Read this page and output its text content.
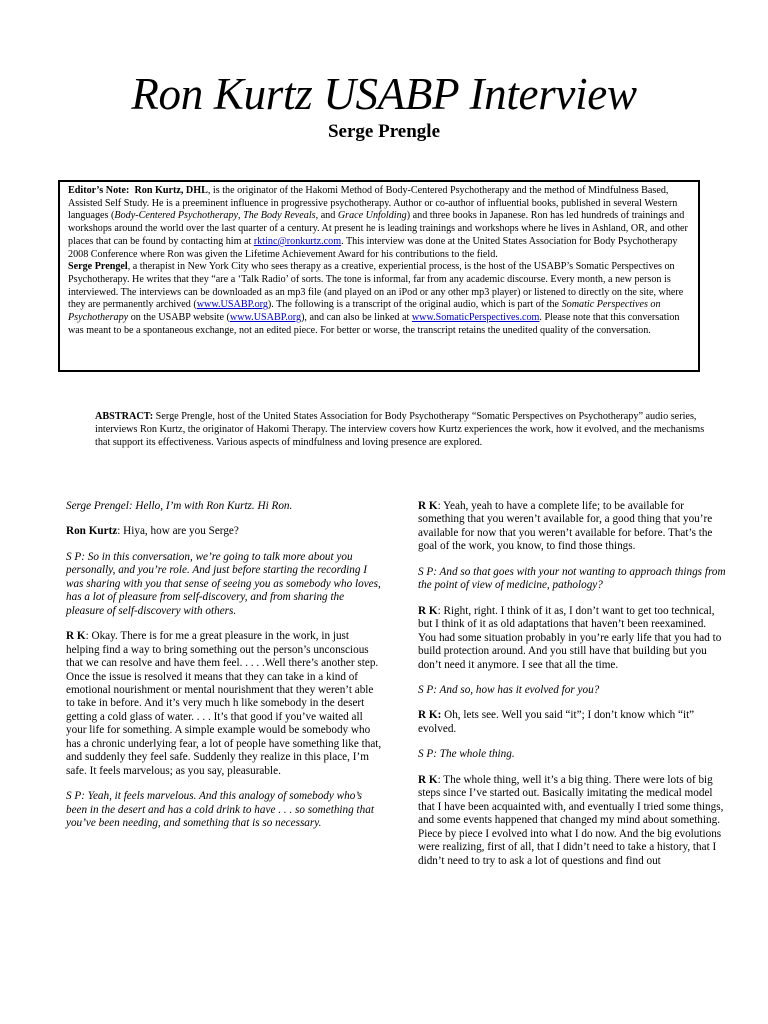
Ron Kurtz USABP Interview
Serge Prengle

Editor’s Note: Ron Kurtz, DHL, is the originator of the Hakomi Method of Body-Centered Psychotherapy and the method of Mindfulness Based, Assisted Self Study. He is a preeminent influence in progressive psychotherapy. Author or co-author of influential books, published in several Western languages (Body-Centered Psychotherapy, The Body Reveals, and Grace Unfolding) and three books in Japanese. Ron has led hundreds of trainings and workshops around the world over the last quarter of a century. At present he is leading trainings and workshops where he lives in Ashland, OR, and other places that can be found by contacting him at rktinc@ronkurtz.com. This interview was done at the United States Association for Body Psychotherapy 2008 Conference where Ron was given the Lifetime Achievement Award for his contributions to the field.

Serge Prengel, a therapist in New York City who sees therapy as a creative, experiential process, is the host of the USABP’s Somatic Perspectives on Psychotherapy. He writes that they “are a ‘Talk Radio’ of sorts. The tone is informal, far from any academic discourse. Every month, a new person is interviewed. The interviews can be downloaded as an mp3 file (and played on an iPod or any other mp3 player) or listened to directly on the site, where they are permanently archived (www.USABP.org). The following is a transcript of the original audio, which is part of the Somatic Perspectives on Psychotherapy on the USABP website (www.USABP.org), and can also be linked at www.SomaticPerspectives.com. Please note that this conversation was meant to be a spontaneous exchange, not an edited piece. For better or worse, the transcript retains the unedited quality of the conversation.

ABSTRACT: Serge Prengle, host of the United States Association for Body Psychotherapy “Somatic Perspectives on Psychotherapy” audio series, interviews Ron Kurtz, the originator of Hakomi Therapy. The interview covers how Kurtz experiences the work, how it evolved, and the mechanisms that support its effectiveness. Various aspects of mindfulness and loving presence are explored.

Serge Prengel: Hello, I’m with Ron Kurtz. Hi Ron.

Ron Kurtz: Hiya, how are you Serge?

S P: So in this conversation, we’re going to talk more about you personally, and you’re role. And just before starting the recording I was sharing with you that sense of seeing you as somebody who loves, has a lot of pleasure from self-discovery, and from sharing the pleasure of self-discovery with others.

R K: Okay. There is for me a great pleasure in the work, in just helping find a way to bring something out the person’s unconscious that we can resolve and have them feel. . . . .Well there’s another step. Once the issue is resolved it means that they can take in a kind of emotional nourishment or mental nourishment that they weren’t able to take in before. And it’s very much h like somebody in the desert getting a cold glass of water. . . . It’s that good if you’ve waited all your life for something. A simple example would be somebody who has a chronic underlying fear, a lot of people have something like that, and suddenly they feel safe. Suddenly they realize in this place, I’m safe. It feels marvelous; as you say, pleasurable.

S P: Yeah, it feels marvelous. And this analogy of somebody who’s been in the desert and has a cold drink to have . . . so something that you’ve been needing, and something that is so necessary.

R K: Yeah, yeah to have a complete life; to be available for something that you weren’t available for, a good thing that you’re available for now that you weren’t available for before. That’s the goal of the work, you know, to find those things.

S P: And so that goes with your not wanting to approach things from the point of view of medicine, pathology?

R K: Right, right. I think of it as, I don’t want to get too technical, but I think of it as old adaptations that haven’t been reexamined. You had some situation probably in you’re early life that you had to build protection around. And you still have that building but you don’t need it anymore. I see that all the time.

S P: And so, how has it evolved for you?

R K: Oh, lets see. Well you said “it”; I don’t know which “it” evolved.

S P: The whole thing.

R K: The whole thing, well it’s a big thing. There were lots of big steps since I’ve started out. Basically imitating the medical model that I have been acquainted with, and eventually I tried some things, and some events happened that changed my mind about something. Piece by piece I evolved into what I do now. And the big evolutions were realizing, first of all, that I didn’t need to take a history, that I didn’t need to try to ask a lot of questions and find out
